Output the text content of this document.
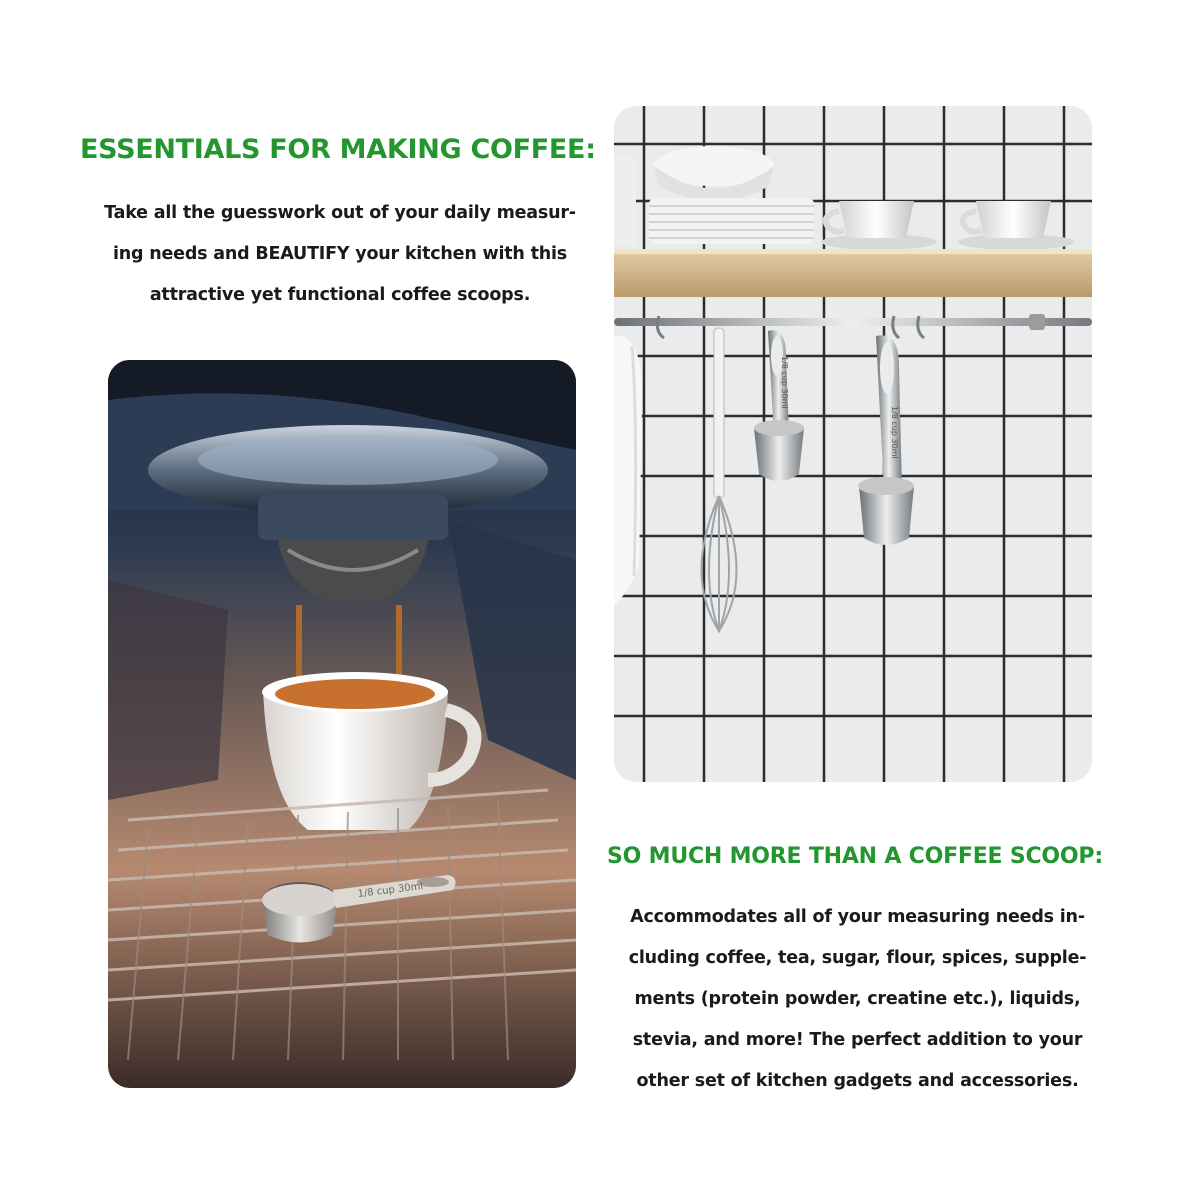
ESSENTIALS FOR MAKING COFFEE:
Take all the guesswork out of your daily measur-
ing needs and BEAUTIFY your kitchen with this
attractive yet functional coffee scoops.
1/8 cup 30ml
1/8 cup 30ml
1/8 cup 30ml
SO MUCH MORE THAN A COFFEE SCOOP:
Accommodates all of your measuring needs in-
cluding coffee, tea, sugar, flour, spices, supple-
ments (protein powder, creatine etc.), liquids,
stevia, and more! The perfect addition to your
other set of kitchen gadgets and accessories.
